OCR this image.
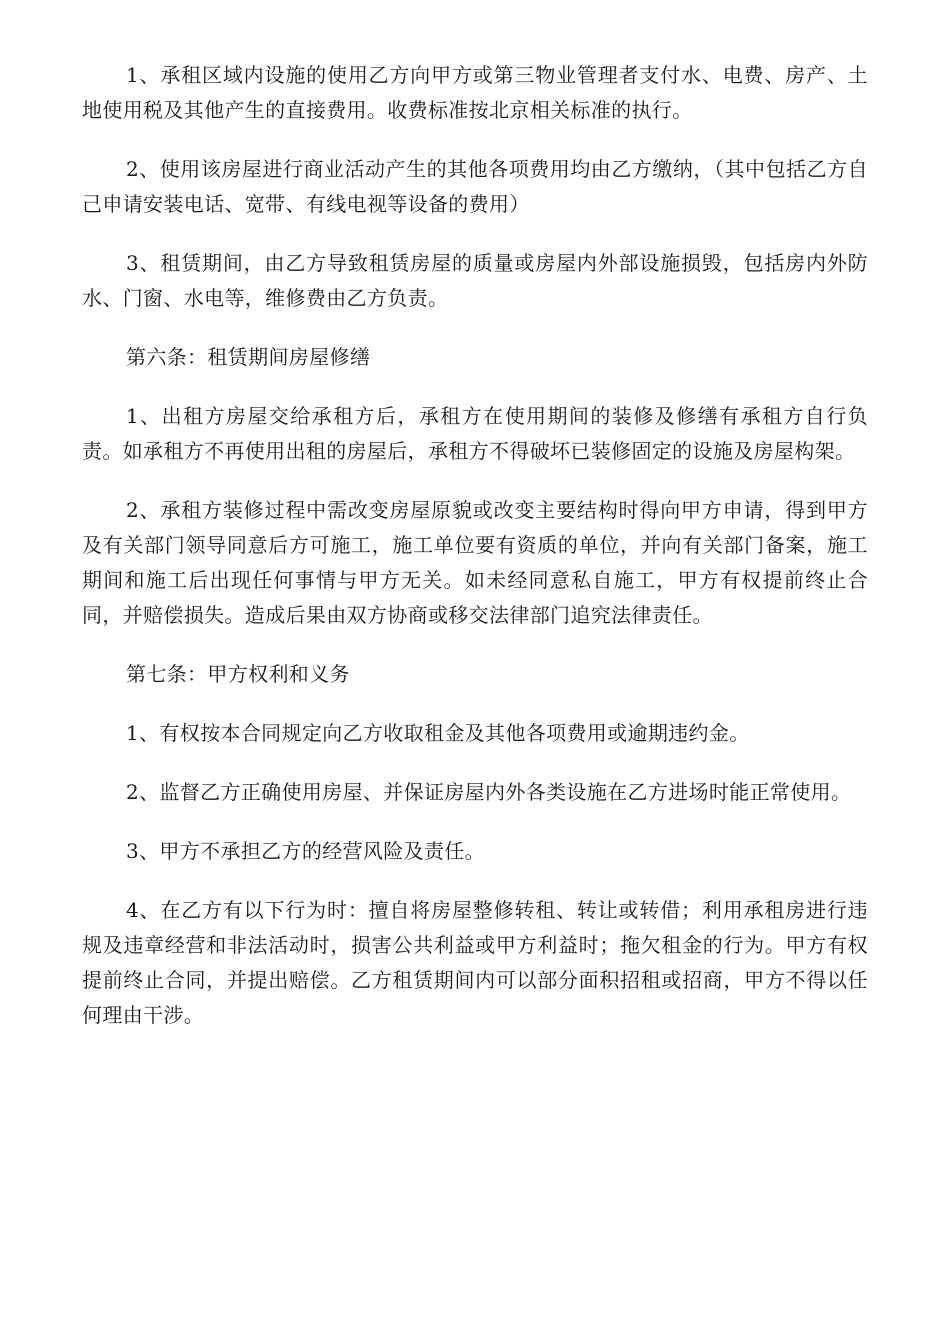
1、承租区域内设施的使用乙方向甲方或第三物业管理者支付水、电费、房产、土地使用税及其他产生的直接费用。收费标准按北京相关标准的执行。

2、使用该房屋进行商业活动产生的其他各项费用均由乙方缴纳，（其中包括乙方自己申请安装电话、宽带、有线电视等设备的费用）

3、租赁期间，由乙方导致租赁房屋的质量或房屋内外部设施损毁，包括房内外防水、门窗、水电等，维修费由乙方负责。

第六条：租赁期间房屋修缮

1、出租方房屋交给承租方后，承租方在使用期间的装修及修缮有承租方自行负责。如承租方不再使用出租的房屋后，承租方不得破坏已装修固定的设施及房屋构架。

2、承租方装修过程中需改变房屋原貌或改变主要结构时得向甲方申请，得到甲方及有关部门领导同意后方可施工，施工单位要有资质的单位，并向有关部门备案，施工期间和施工后出现任何事情与甲方无关。如未经同意私自施工，甲方有权提前终止合同，并赔偿损失。造成后果由双方协商或移交法律部门追究法律责任。

第七条：甲方权利和义务

1、有权按本合同规定向乙方收取租金及其他各项费用或逾期违约金。

2、监督乙方正确使用房屋、并保证房屋内外各类设施在乙方进场时能正常使用。

3、甲方不承担乙方的经营风险及责任。

4、在乙方有以下行为时：擅自将房屋整修转租、转让或转借；利用承租房进行违规及违章经营和非法活动时，损害公共利益或甲方利益时；拖欠租金的行为。甲方有权提前终止合同，并提出赔偿。乙方租赁期间内可以部分面积招租或招商，甲方不得以任何理由干涉。
